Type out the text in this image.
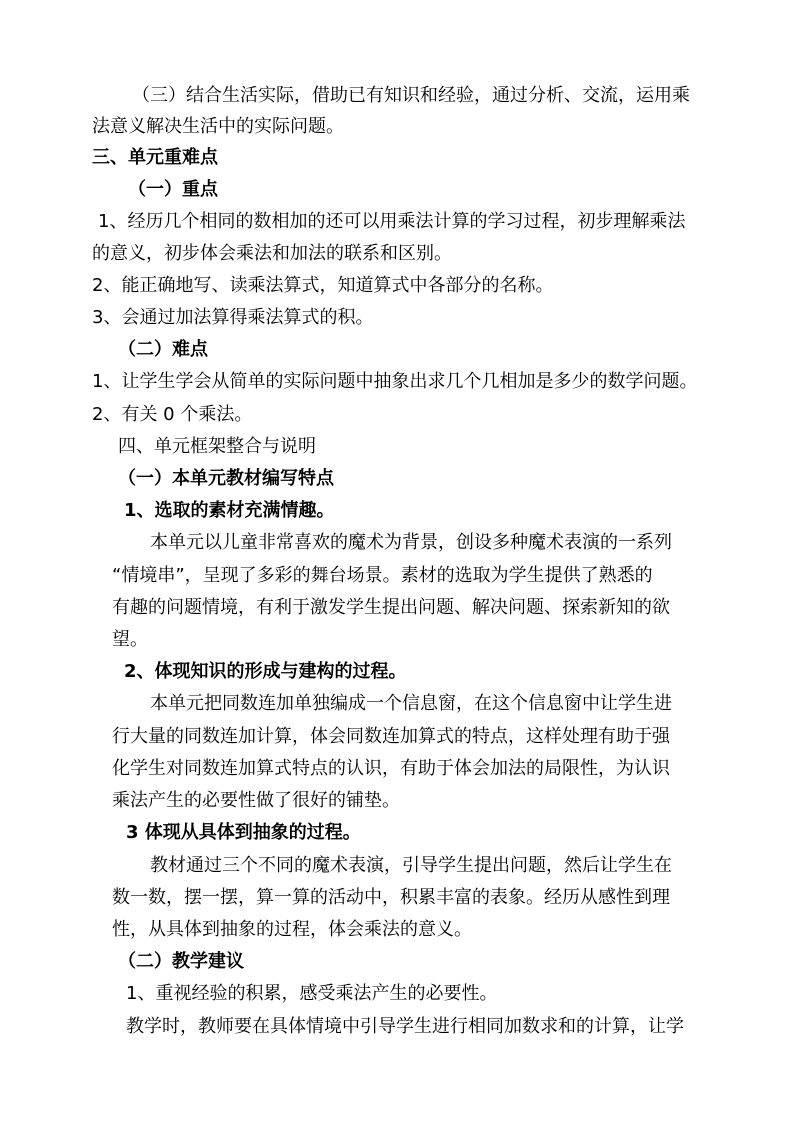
（三）结合生活实际，借助已有知识和经验，通过分析、交流，运用乘
法意义解决生活中的实际问题。
三、单元重难点
（一）重点
1、经历几个相同的数相加的还可以用乘法计算的学习过程，初步理解乘法
的意义，初步体会乘法和加法的联系和区别。
2、能正确地写、读乘法算式，知道算式中各部分的名称。
3、会通过加法算得乘法算式的积。
（二）难点
1、让学生学会从简单的实际问题中抽象出求几个几相加是多少的数学问题。
2、有关 0 个乘法。
四、单元框架整合与说明
（一）本单元教材编写特点
1、选取的素材充满情趣。
本单元以儿童非常喜欢的魔术为背景，创设多种魔术表演的一系列
“情境串”，呈现了多彩的舞台场景。素材的选取为学生提供了熟悉的
有趣的问题情境，有利于激发学生提出问题、解决问题、探索新知的欲
望。
2、体现知识的形成与建构的过程。
本单元把同数连加单独编成一个信息窗，在这个信息窗中让学生进
行大量的同数连加计算，体会同数连加算式的特点，这样处理有助于强
化学生对同数连加算式特点的认识，有助于体会加法的局限性，为认识
乘法产生的必要性做了很好的铺垫。
3 体现从具体到抽象的过程。
教材通过三个不同的魔术表演，引导学生提出问题，然后让学生在
数一数，摆一摆，算一算的活动中，积累丰富的表象。经历从感性到理
性，从具体到抽象的过程，体会乘法的意义。
（二）教学建议
1、重视经验的积累，感受乘法产生的必要性。
教学时，教师要在具体情境中引导学生进行相同加数求和的计算，让学
